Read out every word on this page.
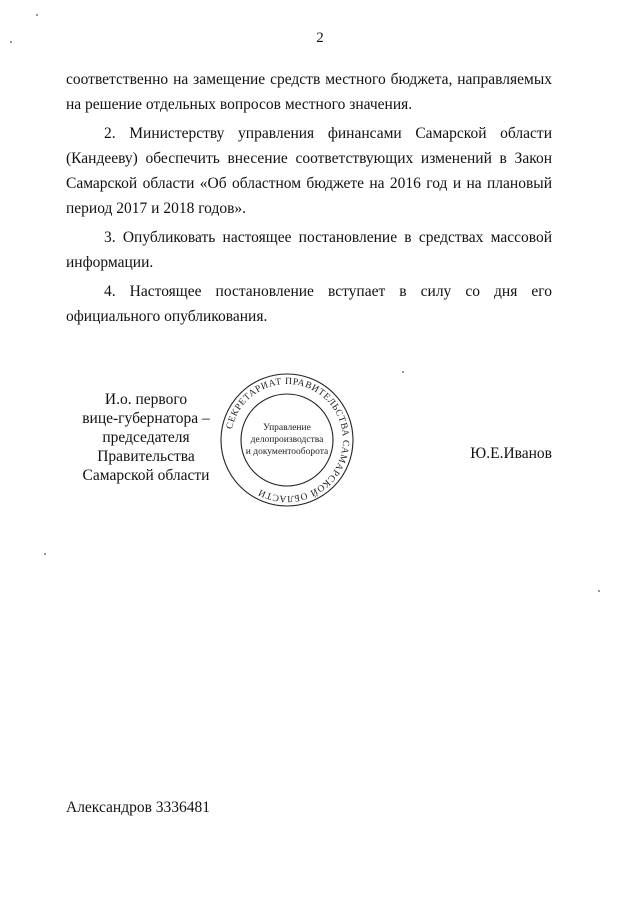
2

соответственно на замещение средств местного бюджета, направляемых на решение отдельных вопросов местного значения.

2. Министерству управления финансами Самарской области (Кандееву) обеспечить внесение соответствующих изменений в Закон Самарской области «Об областном бюджете на 2016 год и на плановый период 2017 и 2018 годов».

3. Опубликовать настоящее постановление в средствах массовой информации.

4. Настоящее постановление вступает в силу со дня его официального опубликования.

И.о. первого
вице-губернатора –
председателя Правительства
Самарской области
СЕКРЕТАРИАТ ПРАВИТЕЛЬСТВА САМАРСКОЙ ОБЛАСТИ
Управление
делопроизводства
и документооборота	Ю.Е.Иванов
Александров 3336481
